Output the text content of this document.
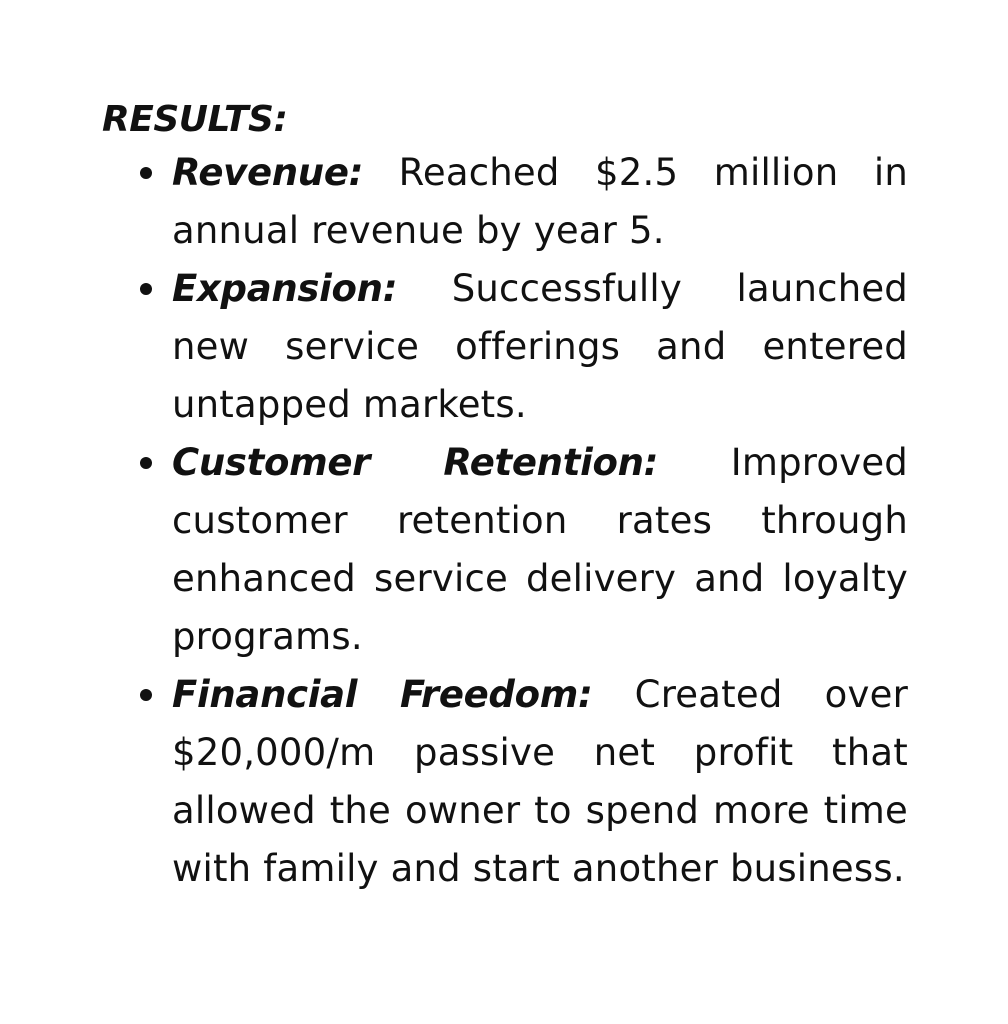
RESULTS:
Revenue: Reached $2.5 million in annual revenue by year 5.
Expansion: Successfully launched new service offerings and entered untapped markets.
Customer Retention: Improved customer retention rates through enhanced service delivery and loyalty programs.
Financial Freedom: Created over $20,000/m passive net profit that allowed the owner to spend more time with family and start another business.
